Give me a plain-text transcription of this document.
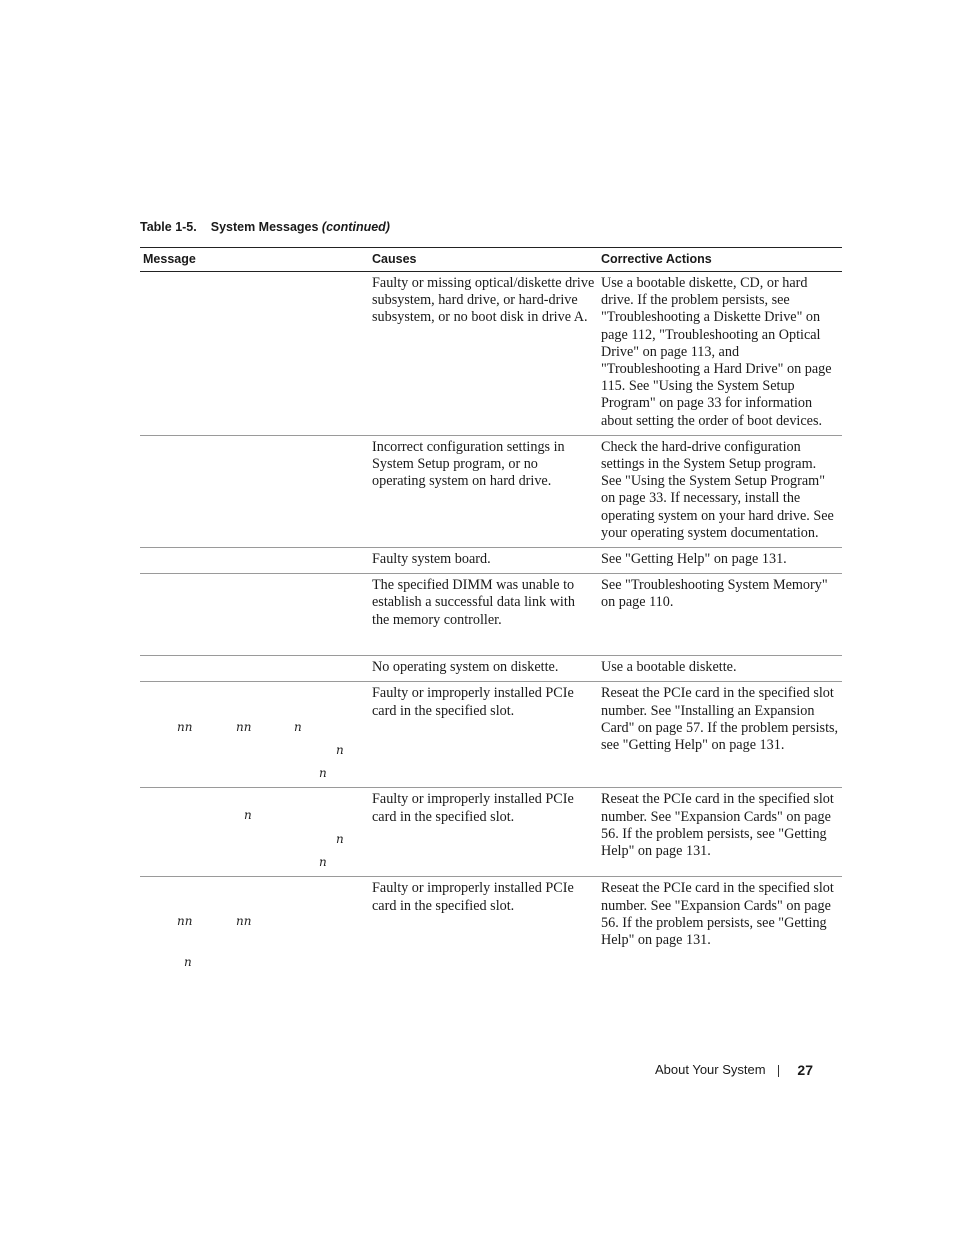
Table 1-5. System Messages (continued)
Message	Causes	Corrective Actions
	Faulty or missing optical/diskette drive subsystem, hard drive, or hard-drive subsystem, or no boot disk in drive A.	Use a bootable diskette, CD, or hard drive. If the problem persists, see "Troubleshooting a Diskette Drive" on page 112, "Troubleshooting an Optical Drive" on page 113, and "Troubleshooting a Hard Drive" on page 115. See "Using the System Setup Program" on page 33 for information about setting the order of boot devices.
	Incorrect configuration settings in System Setup program, or no operating system on hard drive.	Check the hard-drive configuration settings in the System Setup program. See "Using the System Setup Program" on page 33. If necessary, install the operating system on your hard drive. See your operating system documentation.
	Faulty system board.	See "Getting Help" on page 131.
	The specified DIMM was unable to establish a successful data link with the memory controller.	See "Troubleshooting System Memory" on page 110.
	No operating system on diskette.	Use a bootable diskette.

nn nn n
n
n	Faulty or improperly installed PCIe card in the specified slot.	Reseat the PCIe card in the specified slot number. See "Installing an Expansion Card" on page 57. If the problem persists, see "Getting Help" on page 131.

n
n
n	Faulty or improperly installed PCIe card in the specified slot.	Reseat the PCIe card in the specified slot number. See "Expansion Cards" on page 56. If the problem persists, see "Getting Help" on page 131.

nn nn
n	Faulty or improperly installed PCIe card in the specified slot.	Reseat the PCIe card in the specified slot number. See "Expansion Cards" on page 56. If the problem persists, see "Getting Help" on page 131.
About Your System 27
